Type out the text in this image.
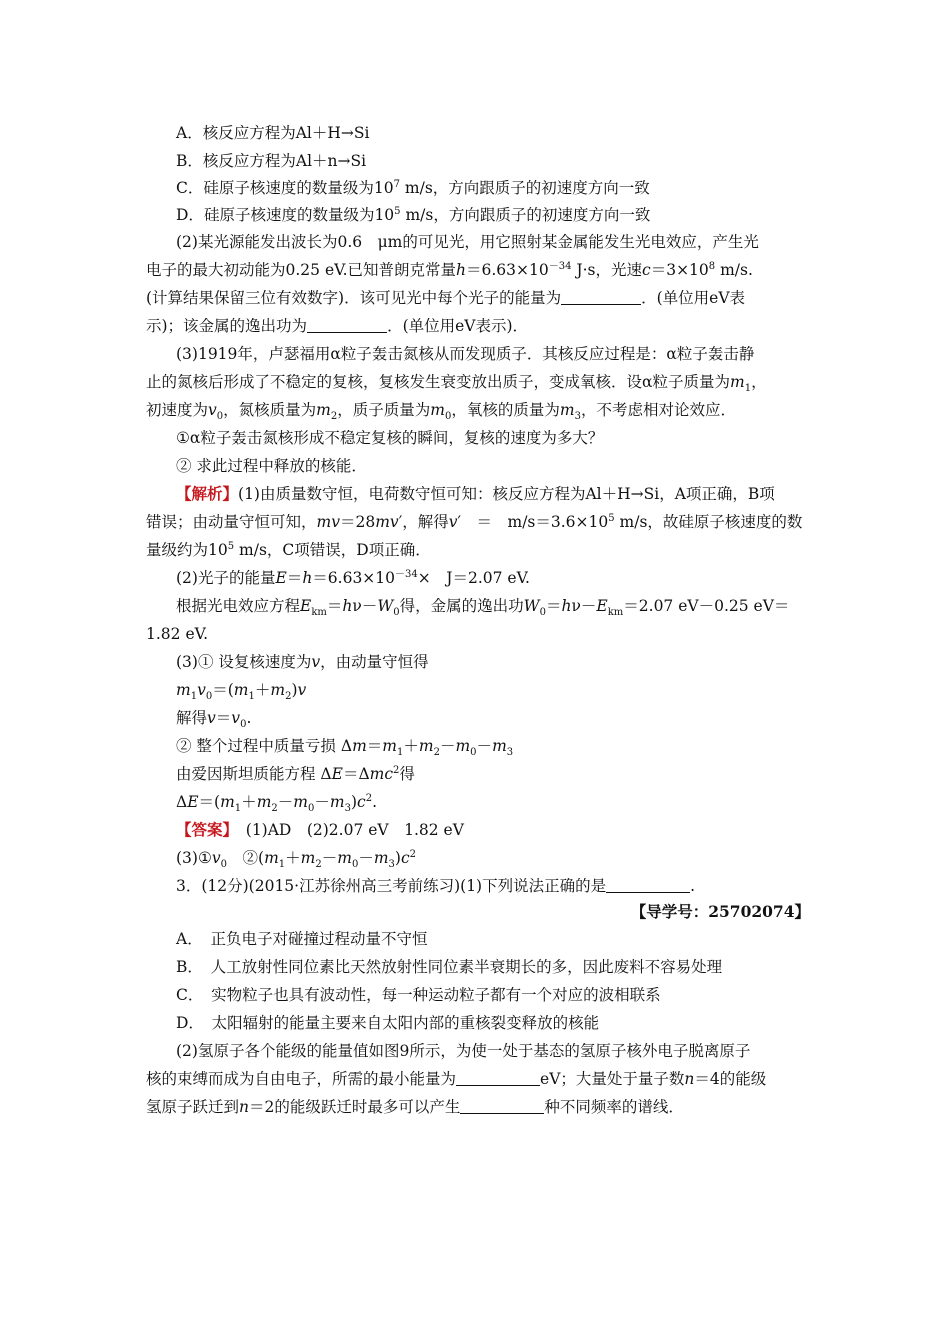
A．核反应方程为Al＋H→Si
B．核反应方程为Al＋n→Si
C．硅原子核速度的数量级为$10^7$ m/s，方向跟质子的初速度方向一致
D．硅原子核速度的数量级为$10^5$ m/s，方向跟质子的初速度方向一致
(2)某光源能发出波长为0.6　μm的可见光，用它照射某金属能发生光电效应，产生光
电子的最大初动能为0.25 eV.已知普朗克常量$h=6.63\times 10^{-34}$ J·s，光速$c=3\times 10^8$ m/s.
(计算结果保留三位有效数字)．该可见光中每个光子的能量为	．(单位用eV表
示)；该金属的逸出功为	．(单位用eV表示)．
(3)1919年，卢瑟福用α粒子轰击氮核从而发现质子．其核反应过程是：α粒子轰击静
止的氮核后形成了不稳定的复核，复核发生衰变放出质子，变成氧核．设α粒子质量为$m_1$，
初速度为$v_0$，氮核质量为$m_2$，质子质量为$m_0$，氧核的质量为$m_3$，不考虑相对论效应．
①α粒子轰击氮核形成不稳定复核的瞬间，复核的速度为多大？
② 求此过程中释放的核能．
【解析】(1)由质量数守恒，电荷数守恒可知：核反应方程为Al＋H→Si，A项正确，B项
错误；由动量守恒可知，mv＝28mv′，解得v′　＝　$m/s=3.6\times 10^5$ m/s，故硅原子核速度的数
量级约为$10^5$ m/s，C项错误，D项正确．
(2)光子的能量$E=h=6.63\times 10^{-34}\times$　J＝2.07 eV.
根据光电效应方程$E_{km}=h\nu-W_0$得，金属的逸出功$W_0=h\nu-E_{km}=2.07$ eV－0.25 eV＝
1.82 eV.
(3)① 设复核速度为v，由动量守恒得
$m_1v_0=(m_1+m_2)v$
解得$v=v_0$.
② 整个过程中质量亏损 $\Delta m=m_1+m_2-m_0-m_3$
由爱因斯坦质能方程 ΔE＝Δmc$^2$得
$\Delta E=(m_1+m_2-m_0-m_3)c^2$.
【答案】　(1)AD　(2)2.07 eV　1.82 eV
$(3)①v_0$　$②(m_1+m_2-m_0-m_3)c^2$
3．(12分)(2015·江苏徐州高三考前练习)(1)下列说法正确的是	.
【导学号：25702074】
A．　正负电子对碰撞过程动量不守恒
B．　人工放射性同位素比天然放射性同位素半衰期长的多，因此废料不容易处理
C．　实物粒子也具有波动性，每一种运动粒子都有一个对应的波相联系
D．　太阳辐射的能量主要来自太阳内部的重核裂变释放的核能
(2)氢原子各个能级的能量值如图9所示，为使一处于基态的氢原子核外电子脱离原子
核的束缚而成为自由电子，所需的最小能量为	eV；大量处于量子数n＝4的能级
氢原子跃迁到n＝2的能级跃迁时最多可以产生	种不同频率的谱线．
